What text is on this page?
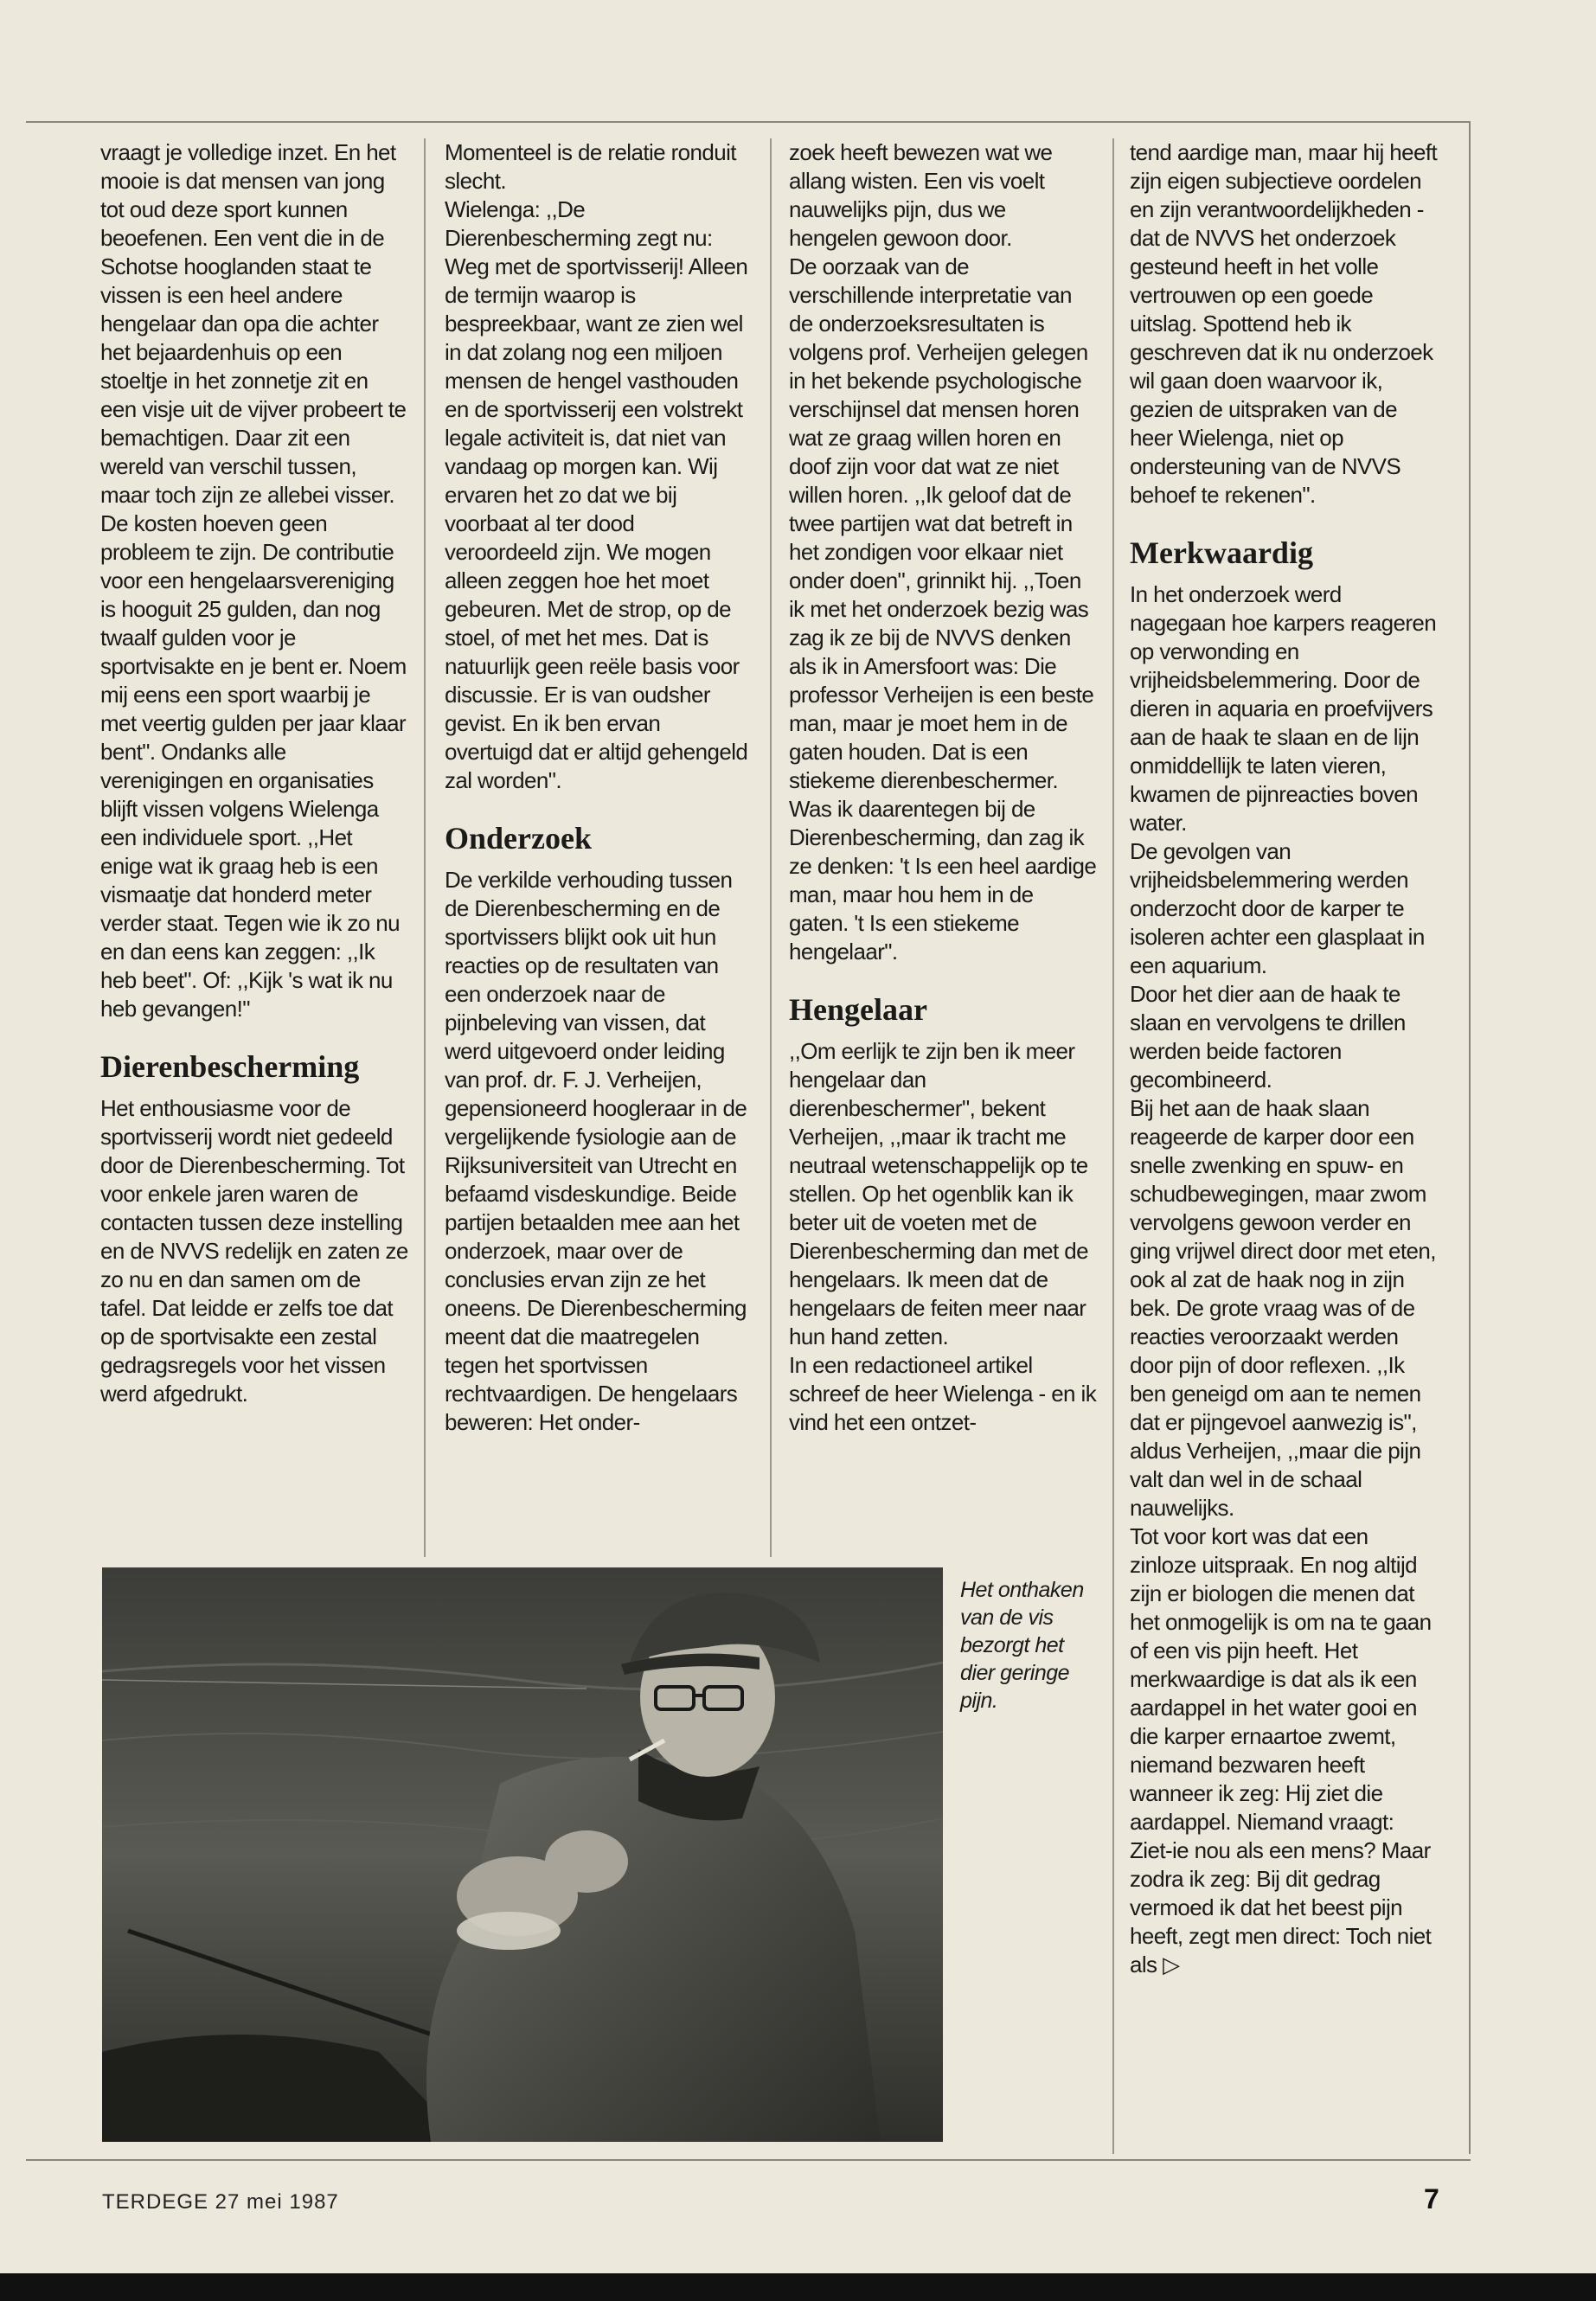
vraagt je volledige inzet. En het mooie is dat mensen van jong tot oud deze sport kunnen beoefenen. Een vent die in de Schotse hooglanden staat te vissen is een heel andere hengelaar dan opa die achter het bejaardenhuis op een stoeltje in het zonnetje zit en een visje uit de vijver probeert te bemachtigen. Daar zit een wereld van verschil tussen, maar toch zijn ze allebei visser.

De kosten hoeven geen probleem te zijn. De contributie voor een hengelaarsvereniging is hooguit 25 gulden, dan nog twaalf gulden voor je sportvisakte en je bent er. Noem mij eens een sport waarbij je met veertig gulden per jaar klaar bent". Ondanks alle verenigingen en organisaties blijft vissen volgens Wielenga een individuele sport. ,,Het enige wat ik graag heb is een vismaatje dat honderd meter verder staat. Tegen wie ik zo nu en dan eens kan zeggen: ,,Ik heb beet". Of: ,,Kijk 's wat ik nu heb gevangen!"

Dierenbescherming

Het enthousiasme voor de sportvisserij wordt niet gedeeld door de Dierenbescherming. Tot voor enkele jaren waren de contacten tussen deze instelling en de NVVS redelijk en zaten ze zo nu en dan samen om de tafel. Dat leidde er zelfs toe dat op de sportvisakte een zestal gedragsregels voor het vissen werd afgedrukt.

Momenteel is de relatie ronduit slecht.

Wielenga: ,,De Dierenbescherming zegt nu: Weg met de sportvisserij! Alleen de termijn waarop is bespreekbaar, want ze zien wel in dat zolang nog een miljoen mensen de hengel vasthouden en de sportvisserij een volstrekt legale activiteit is, dat niet van vandaag op morgen kan. Wij ervaren het zo dat we bij voorbaat al ter dood veroordeeld zijn. We mogen alleen zeggen hoe het moet gebeuren. Met de strop, op de stoel, of met het mes. Dat is natuurlijk geen reële basis voor discussie. Er is van oudsher gevist. En ik ben ervan overtuigd dat er altijd gehengeld zal worden".

Onderzoek

De verkilde verhouding tussen de Dierenbescherming en de sportvissers blijkt ook uit hun reacties op de resultaten van een onderzoek naar de pijnbeleving van vissen, dat werd uitgevoerd onder leiding van prof. dr. F. J. Verheijen, gepensioneerd hoogleraar in de vergelijkende fysiologie aan de Rijksuniversiteit van Utrecht en befaamd visdeskundige. Beide partijen betaalden mee aan het onderzoek, maar over de conclusies ervan zijn ze het oneens. De Dierenbescherming meent dat die maatregelen tegen het sportvissen rechtvaardigen. De hengelaars beweren: Het onder-

zoek heeft bewezen wat we allang wisten. Een vis voelt nauwelijks pijn, dus we hengelen gewoon door.

De oorzaak van de verschillende interpretatie van de onderzoeksresultaten is volgens prof. Verheijen gelegen in het bekende psychologische verschijnsel dat mensen horen wat ze graag willen horen en doof zijn voor dat wat ze niet willen horen. ,,Ik geloof dat de twee partijen wat dat betreft in het zondigen voor elkaar niet onder doen", grinnikt hij. ,,Toen ik met het onderzoek bezig was zag ik ze bij de NVVS denken als ik in Amersfoort was: Die professor Verheijen is een beste man, maar je moet hem in de gaten houden. Dat is een stiekeme dierenbeschermer. Was ik daarentegen bij de Dierenbescherming, dan zag ik ze denken: 't Is een heel aardige man, maar hou hem in de gaten. 't Is een stiekeme hengelaar".

Hengelaar

,,Om eerlijk te zijn ben ik meer hengelaar dan dierenbeschermer", bekent Verheijen, ,,maar ik tracht me neutraal wetenschappelijk op te stellen. Op het ogenblik kan ik beter uit de voeten met de Dierenbescherming dan met de hengelaars. Ik meen dat de hengelaars de feiten meer naar hun hand zetten.

In een redactioneel artikel schreef de heer Wielenga - en ik vind het een ontzet-

tend aardige man, maar hij heeft zijn eigen subjectieve oordelen en zijn verantwoordelijkheden - dat de NVVS het onderzoek gesteund heeft in het volle vertrouwen op een goede uitslag. Spottend heb ik geschreven dat ik nu onderzoek wil gaan doen waarvoor ik, gezien de uitspraken van de heer Wielenga, niet op ondersteuning van de NVVS behoef te rekenen".

Merkwaardig

In het onderzoek werd nagegaan hoe karpers reageren op verwonding en vrijheidsbelemmering. Door de dieren in aquaria en proefvijvers aan de haak te slaan en de lijn onmiddellijk te laten vieren, kwamen de pijnreacties boven water.

De gevolgen van vrijheidsbelemmering werden onderzocht door de karper te isoleren achter een glasplaat in een aquarium.

Door het dier aan de haak te slaan en vervolgens te drillen werden beide factoren gecombineerd.

Bij het aan de haak slaan reageerde de karper door een snelle zwenking en spuw- en schudbewegingen, maar zwom vervolgens gewoon verder en ging vrijwel direct door met eten, ook al zat de haak nog in zijn bek. De grote vraag was of de reacties veroorzaakt werden door pijn of door reflexen. ,,Ik ben geneigd om aan te nemen dat er pijngevoel aanwezig is", aldus Verheijen, ,,maar die pijn valt dan wel in de schaal nauwelijks.

Tot voor kort was dat een zinloze uitspraak. En nog altijd zijn er biologen die menen dat het onmogelijk is om na te gaan of een vis pijn heeft. Het merkwaardige is dat als ik een aardappel in het water gooi en die karper ernaartoe zwemt, niemand bezwaren heeft wanneer ik zeg: Hij ziet die aardappel. Niemand vraagt: Ziet-ie nou als een mens? Maar zodra ik zeg: Bij dit gedrag vermoed ik dat het beest pijn heeft, zegt men direct: Toch niet als ▷

Het onthaken van de vis bezorgt het dier geringe pijn.
TERDEGE 27 mei 1987	7
